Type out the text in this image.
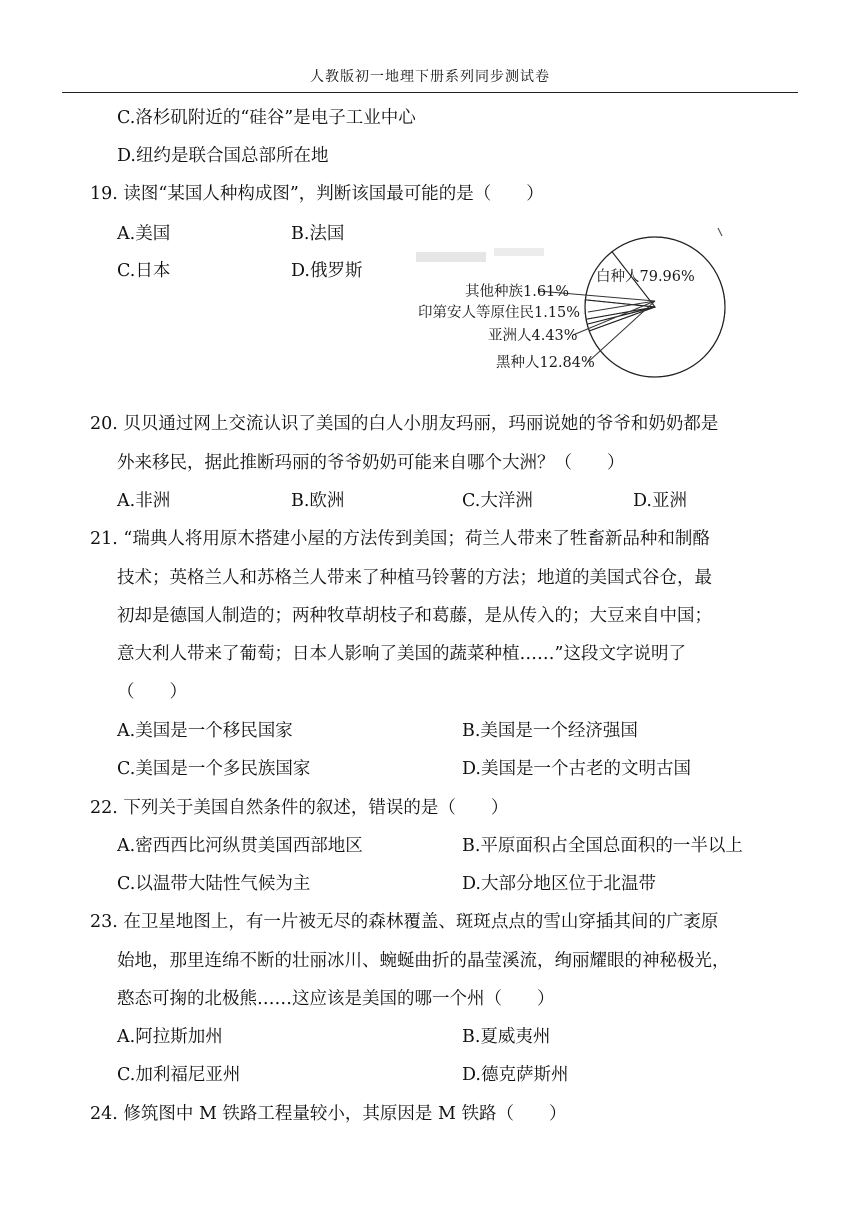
人教版初一地理下册系列同步测试卷
C.洛杉矶附近的“硅谷”是电子工业中心
D.纽约是联合国总部所在地
19. 读图“某国人种构成图”，判断该国最可能的是（　　）
A.美国	B.法国
C.日本	D.俄罗斯	白种人79.96%
其他种族1.61%
印第安人等原住民1.15%
亚洲人4.43%
黑种人12.84%
20. 贝贝通过网上交流认识了美国的白人小朋友玛丽，玛丽说她的爷爷和奶奶都是
外来移民，据此推断玛丽的爷爷奶奶可能来自哪个大洲？（　　）
A.非洲	B.欧洲	C.大洋洲	D.亚洲
21. “瑞典人将用原木搭建小屋的方法传到美国；荷兰人带来了牲畜新品种和制酪
技术；英格兰人和苏格兰人带来了种植马铃薯的方法；地道的美国式谷仓，最
初却是德国人制造的；两种牧草胡枝子和葛藤，是从传入的；大豆来自中国；
意大利人带来了葡萄；日本人影响了美国的蔬菜种植……”这段文字说明了
（　　）
A.美国是一个移民国家	B.美国是一个经济强国
C.美国是一个多民族国家	D.美国是一个古老的文明古国
22. 下列关于美国自然条件的叙述，错误的是（　　）
A.密西西比河纵贯美国西部地区	B.平原面积占全国总面积的一半以上
C.以温带大陆性气候为主	D.大部分地区位于北温带
23. 在卫星地图上，有一片被无尽的森林覆盖、斑斑点点的雪山穿插其间的广袤原
始地，那里连绵不断的壮丽冰川、蜿蜒曲折的晶莹溪流，绚丽耀眼的神秘极光，
憨态可掬的北极熊……这应该是美国的哪一个州（　　）
A.阿拉斯加州	B.夏威夷州
C.加利福尼亚州	D.德克萨斯州
24. 修筑图中 M 铁路工程量较小，其原因是 M 铁路（　　）
